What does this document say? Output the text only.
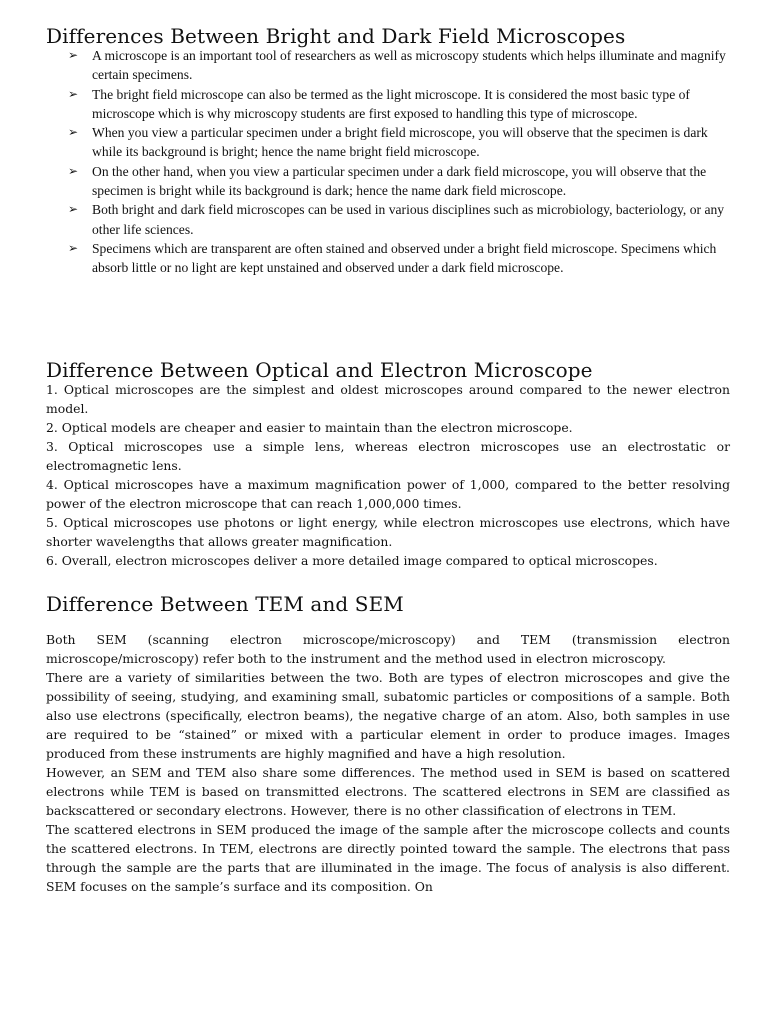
Differences Between Bright and Dark Field Microscopes
➢ A microscope is an important tool of researchers as well as microscopy students which helps illuminate and magnify certain specimens.
➢ The bright field microscope can also be termed as the light microscope. It is considered the most basic type of microscope which is why microscopy students are first exposed to handling this type of microscope.
➢ When you view a particular specimen under a bright field microscope, you will observe that the specimen is dark while its background is bright; hence the name bright field microscope.
➢ On the other hand, when you view a particular specimen under a dark field microscope, you will observe that the specimen is bright while its background is dark; hence the name dark field microscope.
➢ Both bright and dark field microscopes can be used in various disciplines such as microbiology, bacteriology, or any other life sciences.
➢ Specimens which are transparent are often stained and observed under a bright field microscope. Specimens which absorb little or no light are kept unstained and observed under a dark field microscope.
Difference Between Optical and Electron Microscope

1. Optical microscopes are the simplest and oldest microscopes around compared to the newer electron model.

2. Optical models are cheaper and easier to maintain than the electron microscope.

3. Optical microscopes use a simple lens, whereas electron microscopes use an electrostatic or electromagnetic lens.

4. Optical microscopes have a maximum magnification power of 1,000, compared to the better resolving power of the electron microscope that can reach 1,000,000 times.

5. Optical microscopes use photons or light energy, while electron microscopes use electrons, which have shorter wavelengths that allows greater magnification.

6. Overall, electron microscopes deliver a more detailed image compared to optical microscopes.

Difference Between TEM and SEM

Both SEM (scanning electron microscope/microscopy) and TEM (transmission electron microscope/microscopy) refer both to the instrument and the method used in electron microscopy.

There are a variety of similarities between the two. Both are types of electron microscopes and give the possibility of seeing, studying, and examining small, subatomic particles or compositions of a sample. Both also use electrons (specifically, electron beams), the negative charge of an atom. Also, both samples in use are required to be “stained” or mixed with a particular element in order to produce images. Images produced from these instruments are highly magnified and have a high resolution.

However, an SEM and TEM also share some differences. The method used in SEM is based on scattered electrons while TEM is based on transmitted electrons. The scattered electrons in SEM are classified as backscattered or secondary electrons. However, there is no other classification of electrons in TEM.

The scattered electrons in SEM produced the image of the sample after the microscope collects and counts the scattered electrons. In TEM, electrons are directly pointed toward the sample. The electrons that pass through the sample are the parts that are illuminated in the image. The focus of analysis is also different. SEM focuses on the sample’s surface and its composition. On
